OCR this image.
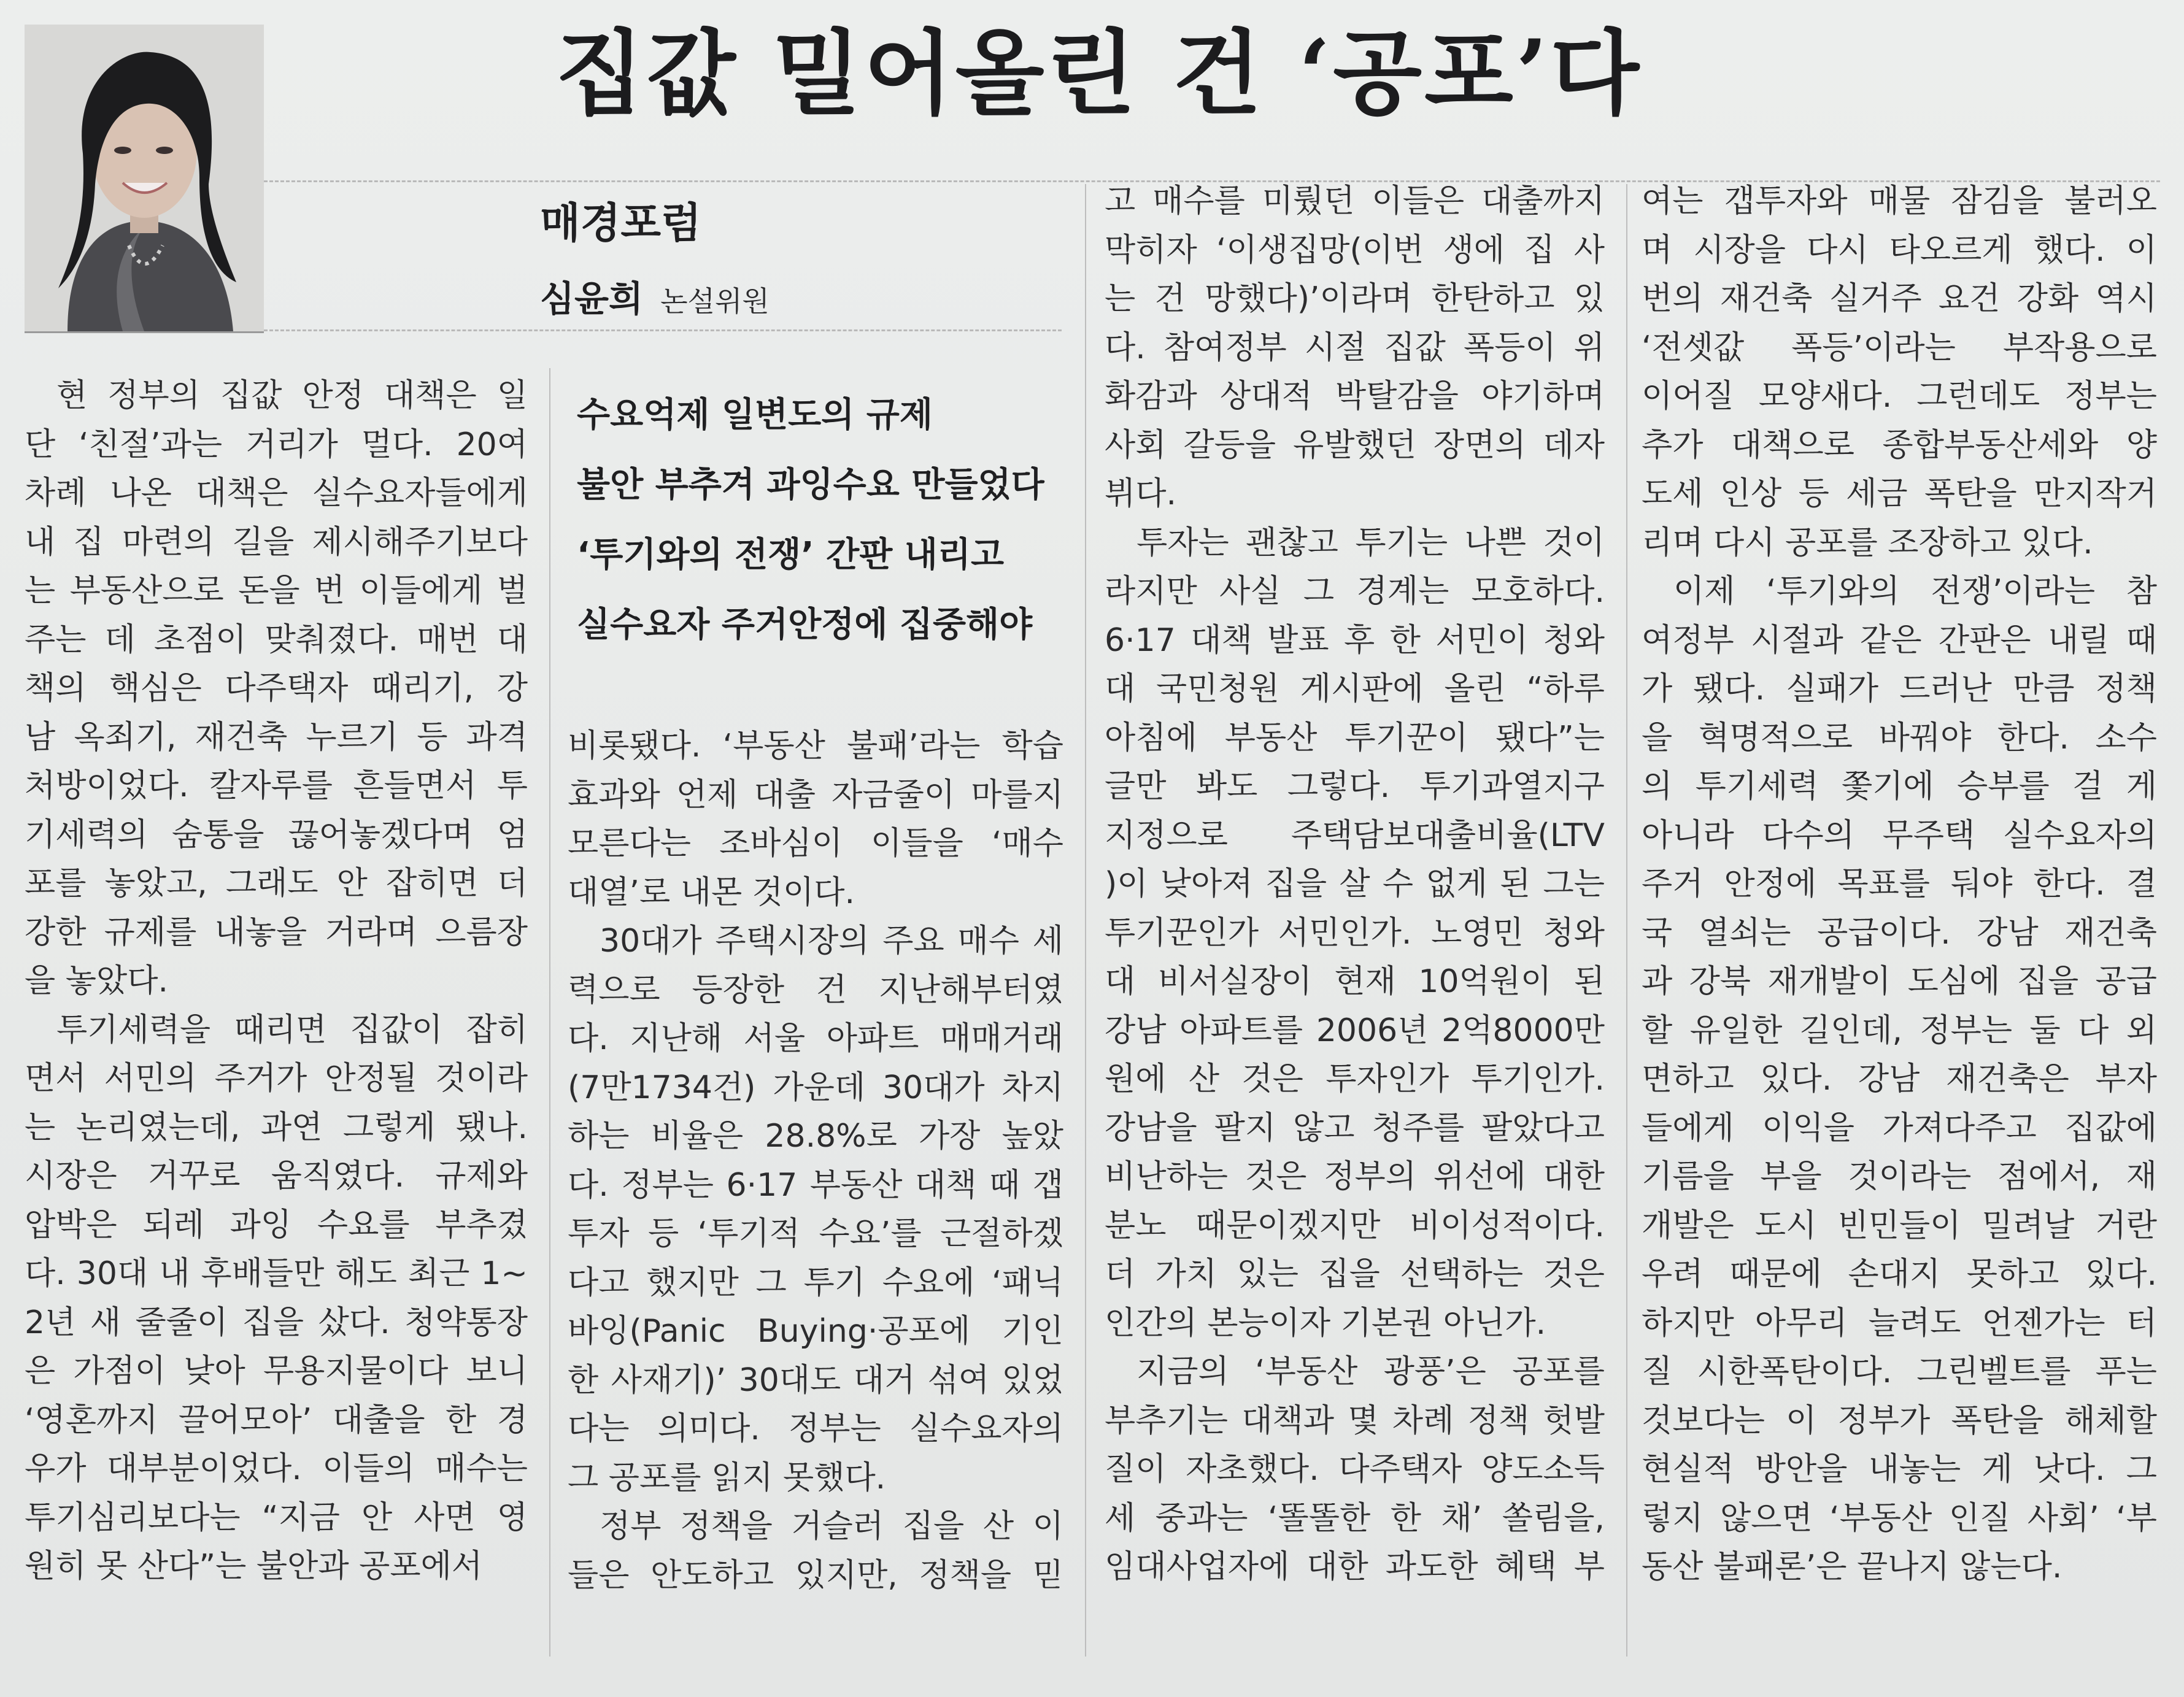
집값 밀어올린 건 ‘공포’다
매경포럼
심윤희 논설위원
수요억제 일변도의 규제
불안 부추겨 과잉수요 만들었다
‘투기와의 전쟁’ 간판 내리고
실수요자 주거안정에 집중해야
현 정부의 집값 안정 대책은 일
단 ‘친절’과는 거리가 멀다. 20여
차례 나온 대책은 실수요자들에게
내 집 마련의 길을 제시해주기보다
는 부동산으로 돈을 번 이들에게 벌
주는 데 초점이 맞춰졌다. 매번 대
책의 핵심은 다주택자 때리기, 강
남 옥죄기, 재건축 누르기 등 과격
처방이었다. 칼자루를 흔들면서 투
기세력의 숨통을 끊어놓겠다며 엄
포를 놓았고, 그래도 안 잡히면 더
강한 규제를 내놓을 거라며 으름장
을 놓았다.
투기세력을 때리면 집값이 잡히
면서 서민의 주거가 안정될 것이라
는 논리였는데, 과연 그렇게 됐나.
시장은 거꾸로 움직였다. 규제와
압박은 되레 과잉 수요를 부추겼
다. 30대 내 후배들만 해도 최근 1~
2년 새 줄줄이 집을 샀다. 청약통장
은 가점이 낮아 무용지물이다 보니
‘영혼까지 끌어모아’ 대출을 한 경
우가 대부분이었다. 이들의 매수는
투기심리보다는 “지금 안 사면 영
원히 못 산다”는 불안과 공포에서
비롯됐다. ‘부동산 불패’라는 학습
효과와 언제 대출 자금줄이 마를지
모른다는 조바심이 이들을 ‘매수
대열’로 내몬 것이다.
30대가 주택시장의 주요 매수 세
력으로 등장한 건 지난해부터였
다. 지난해 서울 아파트 매매거래
(7만1734건) 가운데 30대가 차지
하는 비율은 28.8%로 가장 높았
다. 정부는 6·17 부동산 대책 때 갭
투자 등 ‘투기적 수요’를 근절하겠
다고 했지만 그 투기 수요에 ‘패닉
바잉(Panic Buying·공포에 기인
한 사재기)’ 30대도 대거 섞여 있었
다는 의미다. 정부는 실수요자의
그 공포를 읽지 못했다.
정부 정책을 거슬러 집을 산 이
들은 안도하고 있지만, 정책을 믿
고 매수를 미뤘던 이들은 대출까지
막히자 ‘이생집망(이번 생에 집 사
는 건 망했다)’이라며 한탄하고 있
다. 참여정부 시절 집값 폭등이 위
화감과 상대적 박탈감을 야기하며
사회 갈등을 유발했던 장면의 데자
뷔다.
투자는 괜찮고 투기는 나쁜 것이
라지만 사실 그 경계는 모호하다.
6·17 대책 발표 후 한 서민이 청와
대 국민청원 게시판에 올린 “하루
아침에 부동산 투기꾼이 됐다”는
글만 봐도 그렇다. 투기과열지구
지정으로 주택담보대출비율(LTV
)이 낮아져 집을 살 수 없게 된 그는
투기꾼인가 서민인가. 노영민 청와
대 비서실장이 현재 10억원이 된
강남 아파트를 2006년 2억8000만
원에 산 것은 투자인가 투기인가.
강남을 팔지 않고 청주를 팔았다고
비난하는 것은 정부의 위선에 대한
분노 때문이겠지만 비이성적이다.
더 가치 있는 집을 선택하는 것은
인간의 본능이자 기본권 아닌가.
지금의 ‘부동산 광풍’은 공포를
부추기는 대책과 몇 차례 정책 헛발
질이 자초했다. 다주택자 양도소득
세 중과는 ‘똘똘한 한 채’ 쏠림을,
임대사업자에 대한 과도한 혜택 부
여는 갭투자와 매물 잠김을 불러오
며 시장을 다시 타오르게 했다. 이
번의 재건축 실거주 요건 강화 역시
‘전셋값 폭등’이라는 부작용으로
이어질 모양새다. 그런데도 정부는
추가 대책으로 종합부동산세와 양
도세 인상 등 세금 폭탄을 만지작거
리며 다시 공포를 조장하고 있다.
이제 ‘투기와의 전쟁’이라는 참
여정부 시절과 같은 간판은 내릴 때
가 됐다. 실패가 드러난 만큼 정책
을 혁명적으로 바꿔야 한다. 소수
의 투기세력 쫓기에 승부를 걸 게
아니라 다수의 무주택 실수요자의
주거 안정에 목표를 둬야 한다. 결
국 열쇠는 공급이다. 강남 재건축
과 강북 재개발이 도심에 집을 공급
할 유일한 길인데, 정부는 둘 다 외
면하고 있다. 강남 재건축은 부자
들에게 이익을 가져다주고 집값에
기름을 부을 것이라는 점에서, 재
개발은 도시 빈민들이 밀려날 거란
우려 때문에 손대지 못하고 있다.
하지만 아무리 늘려도 언젠가는 터
질 시한폭탄이다. 그린벨트를 푸는
것보다는 이 정부가 폭탄을 해체할
현실적 방안을 내놓는 게 낫다. 그
렇지 않으면 ‘부동산 인질 사회’ ‘부
동산 불패론’은 끝나지 않는다.
